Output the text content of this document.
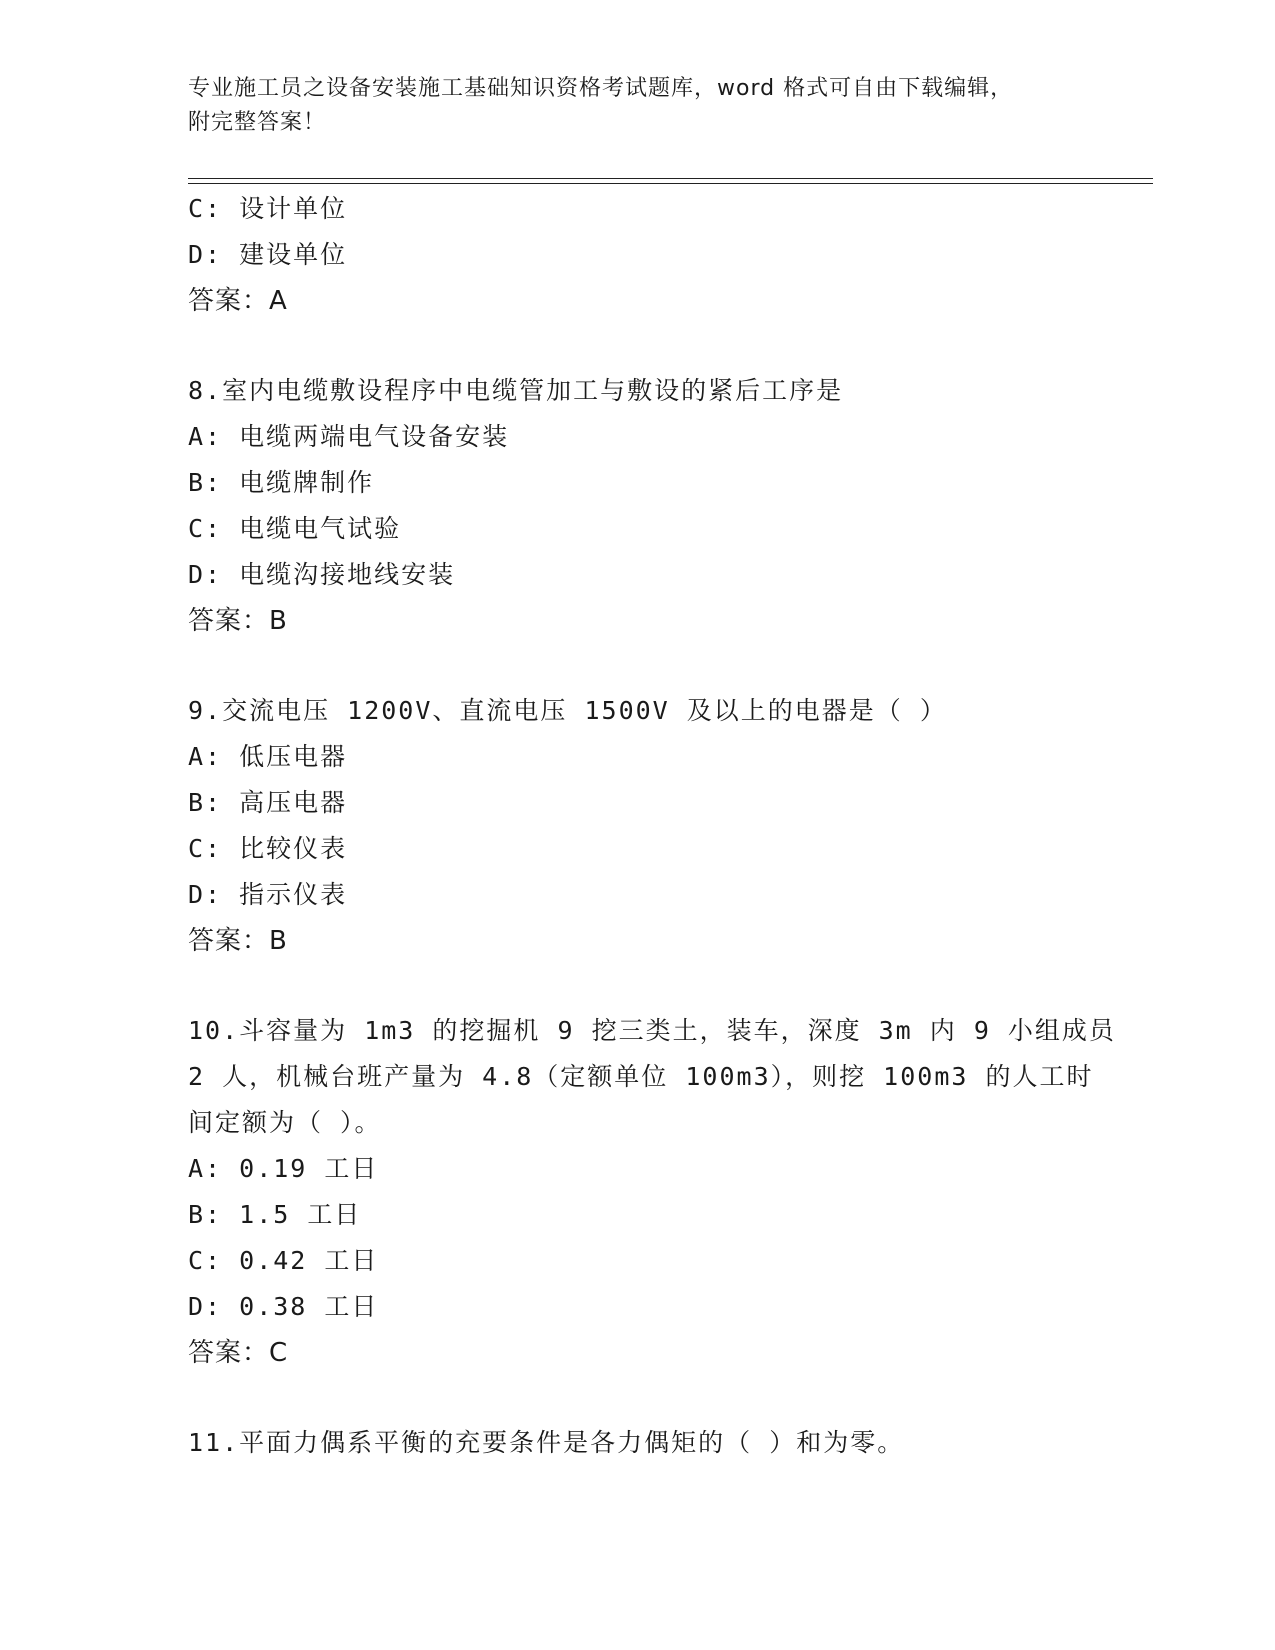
专业施工员之设备安装施工基础知识资格考试题库，word 格式可自由下载编辑，
附完整答案！
C: 设计单位
D: 建设单位
答案：A
8.室内电缆敷设程序中电缆管加工与敷设的紧后工序是
A: 电缆两端电气设备安装
B: 电缆牌制作
C: 电缆电气试验
D: 电缆沟接地线安装
答案：B
9.交流电压 1200V、直流电压 1500V 及以上的电器是（ ）
A: 低压电器
B: 高压电器
C: 比较仪表
D: 指示仪表
答案：B
10.斗容量为 1m3 的挖掘机 9 挖三类土，装车，深度 3m 内 9 小组成员
2 人，机械台班产量为 4.8（定额单位 100m3），则挖 100m3 的人工时
间定额为（ ）。
A: 0.19 工日
B: 1.5 工日
C: 0.42 工日
D: 0.38 工日
答案：C
11.平面力偶系平衡的充要条件是各力偶矩的（ ）和为零。
